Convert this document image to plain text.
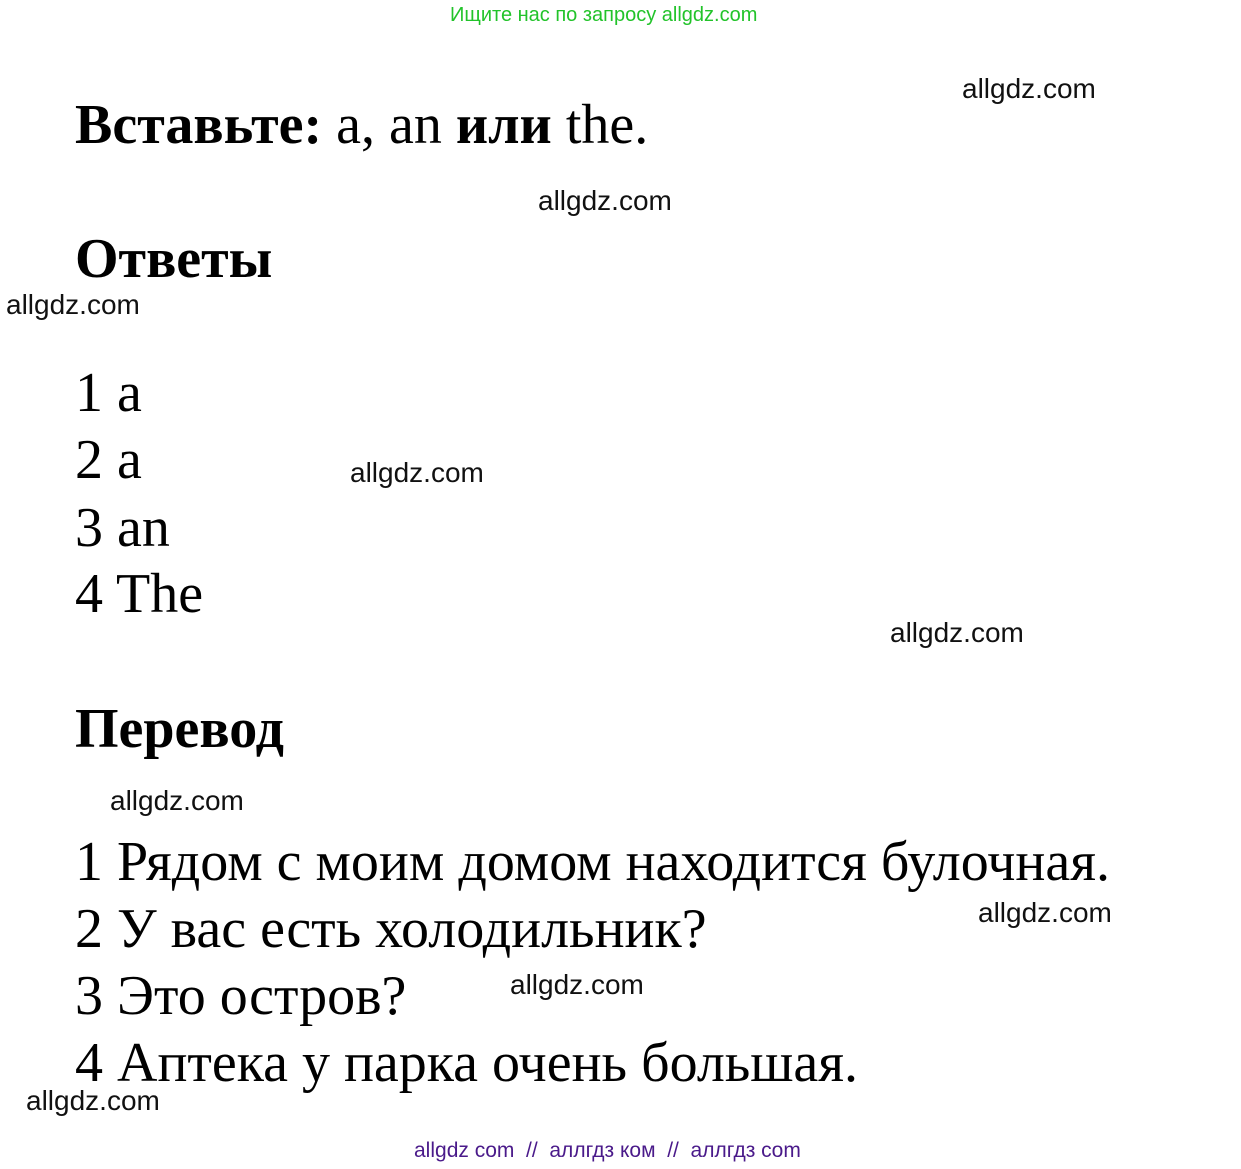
Ищите нас по запросу allgdz.com
Вставьте: a, an или the.
Ответы
1 a
2 a
3 an
4 The
Перевод
1 Рядом с моим домом находится булочная.
2 У вас есть холодильник?
3 Это остров?
4 Аптека у парка очень большая.
allgdz.com
allgdz.com
allgdz.com
allgdz.com
allgdz.com
allgdz.com
allgdz.com
allgdz.com
allgdz.com
allgdz com  //  аллгдз ком  //  аллгдз com
